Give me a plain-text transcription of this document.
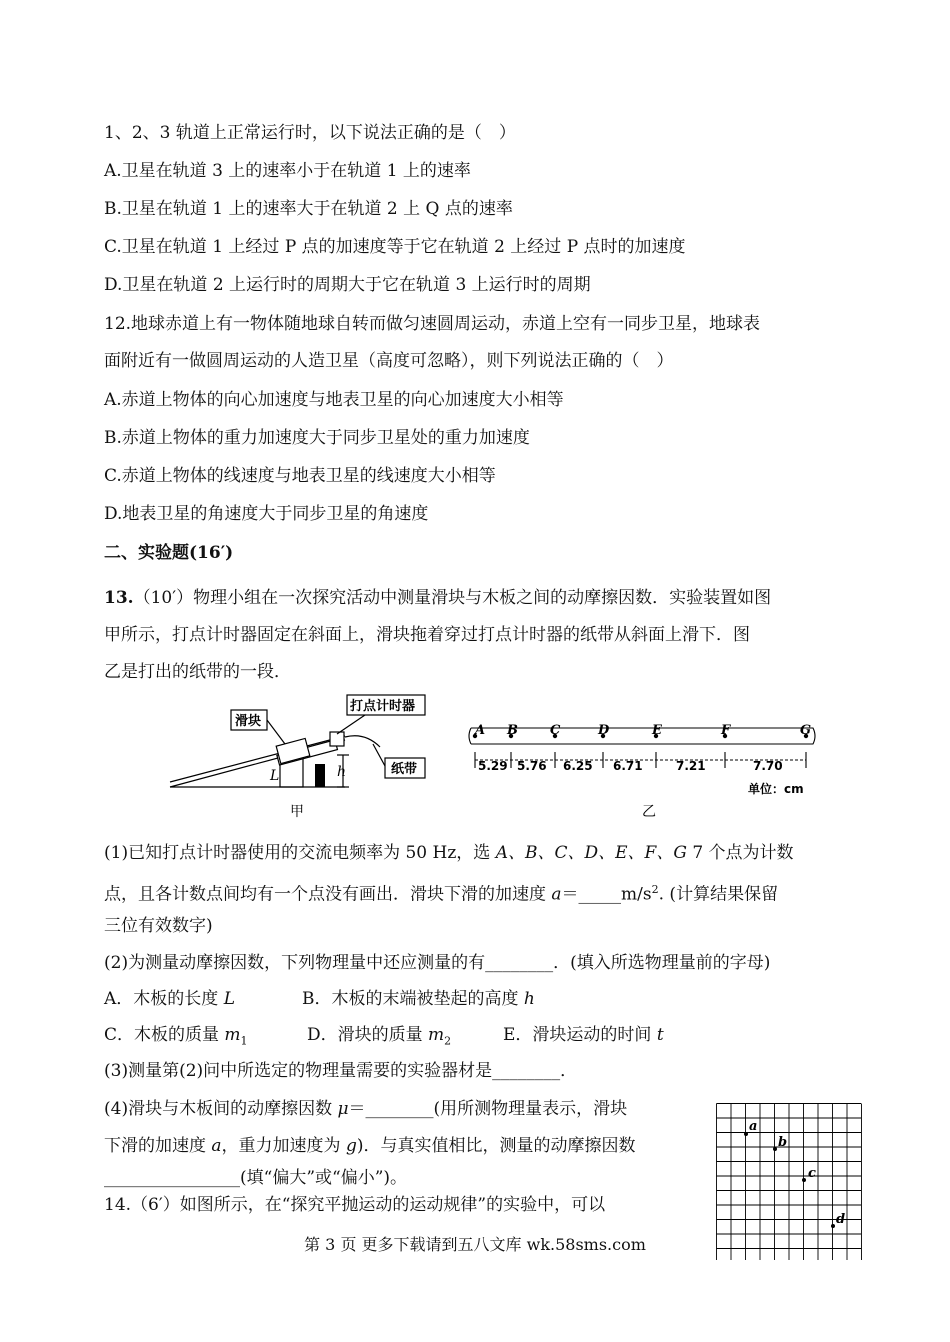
1、2、3 轨道上正常运行时，以下说法正确的是（　）
A.卫星在轨道 3 上的速率小于在轨道 1 上的速率
B.卫星在轨道 1 上的速率大于在轨道 2 上 Q 点的速率
C.卫星在轨道 1 上经过 P 点的加速度等于它在轨道 2 上经过 P 点时的加速度
D.卫星在轨道 2 上运行时的周期大于它在轨道 3 上运行时的周期
12.地球赤道上有一物体随地球自转而做匀速圆周运动，赤道上空有一同步卫星，地球表
面附近有一做圆周运动的人造卫星（高度可忽略），则下列说法正确的（　）
A.赤道上物体的向心加速度与地表卫星的向心加速度大小相等
B.赤道上物体的重力加速度大于同步卫星处的重力加速度
C.赤道上物体的线速度与地表卫星的线速度大小相等
D.地表卫星的角速度大于同步卫星的角速度
二、实验题(16′)
13.（10′）物理小组在一次探究活动中测量滑块与木板之间的动摩擦因数．实验装置如图
甲所示，打点计时器固定在斜面上，滑块拖着穿过打点计时器的纸带从斜面上滑下．图
乙是打出的纸带的一段．
滑块
打点计时器
纸带
L	h
甲
A B C	D	E	F	G
5.29 5.76 6.25 6.71	7.21	7.70
单位：cm
乙
(1)已知打点计时器使用的交流电频率为 50 Hz，选 A、B、C、D、E、F、G 7 个点为计数
点，且各计数点间均有一个点没有画出．滑块下滑的加速度 $a=\_\_\_\_\_m/s^2$. (计算结果保留
三位有效数字)
(2)为测量动摩擦因数，下列物理量中还应测量的有________．(填入所选物理量前的字母)
A．木板的长度 L	B．木板的末端被垫起的高度 h
C．木板的质量 $m_1$	D．滑块的质量 $m_2$	E．滑块运动的时间 t
(3)测量第(2)问中所选定的物理量需要的实验器材是________．
(4)滑块与木板间的动摩擦因数 μ＝________(用所测物理量表示，滑块
下滑的加速度 a，重力加速度为 g)．与真实值相比，测量的动摩擦因数
________________(填“偏大”或“偏小”)。
14.（6′）如图所示，在“探究平抛运动的运动规律”的实验中，可以
a
b
c
d
第 3 页 更多下载请到五八文库 wk.58sms.com
